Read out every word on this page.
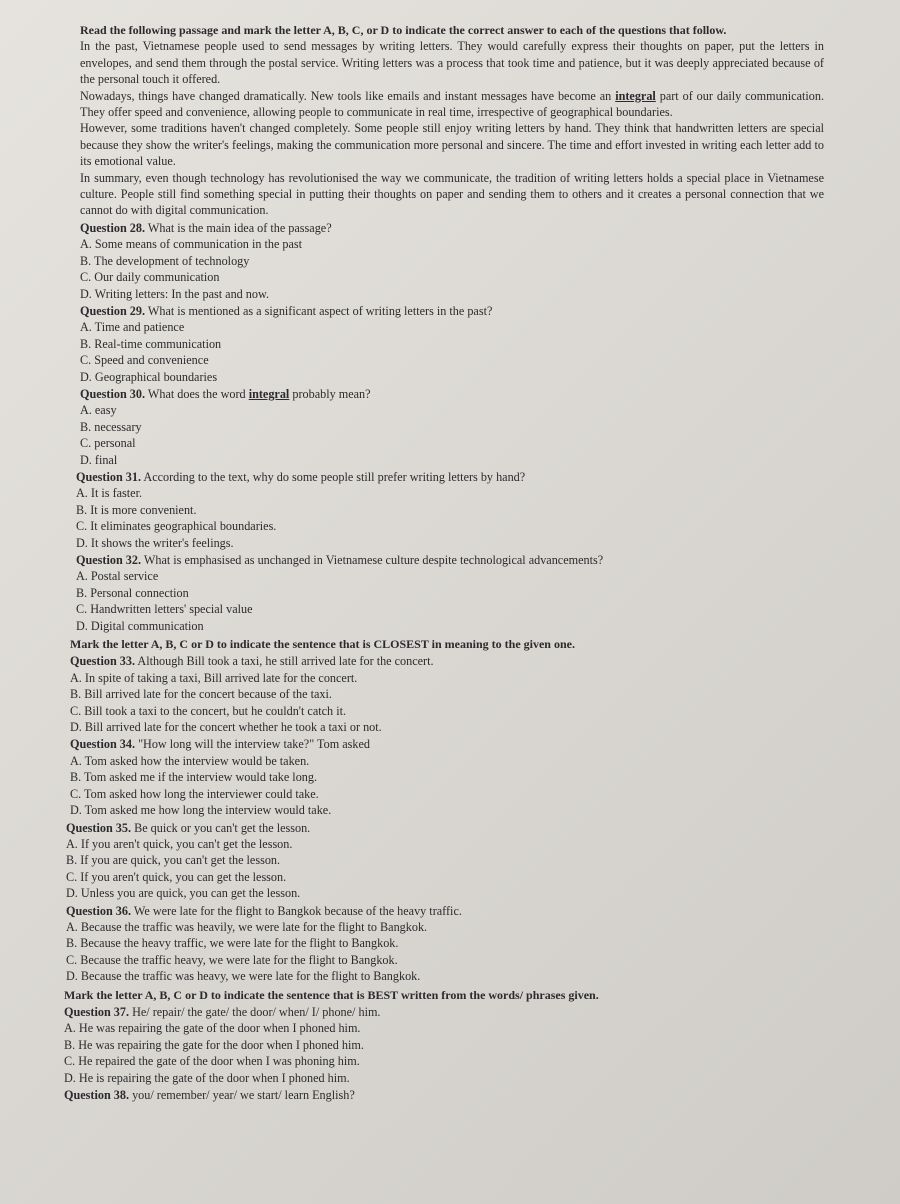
Read the following passage and mark the letter A, B, C, or D to indicate the correct answer to each of the questions that follow.

In the past, Vietnamese people used to send messages by writing letters. They would carefully express their thoughts on paper, put the letters in envelopes, and send them through the postal service. Writing letters was a process that took time and patience, but it was deeply appreciated because of the personal touch it offered.

Nowadays, things have changed dramatically. New tools like emails and instant messages have become an integral part of our daily communication. They offer speed and convenience, allowing people to communicate in real time, irrespective of geographical boundaries.

However, some traditions haven't changed completely. Some people still enjoy writing letters by hand. They think that handwritten letters are special because they show the writer's feelings, making the communication more personal and sincere. The time and effort invested in writing each letter add to its emotional value.

In summary, even though technology has revolutionised the way we communicate, the tradition of writing letters holds a special place in Vietnamese culture. People still find something special in putting their thoughts on paper and sending them to others and it creates a personal connection that we cannot do with digital communication.

Question 28. What is the main idea of the passage?

A. Some means of communication in the past

B. The development of technology

C. Our daily communication

D. Writing letters: In the past and now.

Question 29. What is mentioned as a significant aspect of writing letters in the past?

A. Time and patience

B. Real-time communication

C. Speed and convenience

D. Geographical boundaries

Question 30. What does the word integral probably mean?

A. easy

B. necessary

C. personal

D. final

Question 31. According to the text, why do some people still prefer writing letters by hand?

A. It is faster.

B. It is more convenient.

C. It eliminates geographical boundaries.

D. It shows the writer's feelings.

Question 32. What is emphasised as unchanged in Vietnamese culture despite technological advancements?

A. Postal service

B. Personal connection

C. Handwritten letters' special value

D. Digital communication

Mark the letter A, B, C or D to indicate the sentence that is CLOSEST in meaning to the given one.

Question 33. Although Bill took a taxi, he still arrived late for the concert.

A. In spite of taking a taxi, Bill arrived late for the concert.

B. Bill arrived late for the concert because of the taxi.

C. Bill took a taxi to the concert, but he couldn't catch it.

D. Bill arrived late for the concert whether he took a taxi or not.

Question 34. "How long will the interview take?" Tom asked

A. Tom asked how the interview would be taken.

B. Tom asked me if the interview would take long.

C. Tom asked how long the interviewer could take.

D. Tom asked me how long the interview would take.

Question 35. Be quick or you can't get the lesson.

A. If you aren't quick, you can't get the lesson.

B. If you are quick, you can't get the lesson.

C. If you aren't quick, you can get the lesson.

D. Unless you are quick, you can get the lesson.

Question 36. We were late for the flight to Bangkok because of the heavy traffic.

A. Because the traffic was heavily, we were late for the flight to Bangkok.

B. Because the heavy traffic, we were late for the flight to Bangkok.

C. Because the traffic heavy, we were late for the flight to Bangkok.

D. Because the traffic was heavy, we were late for the flight to Bangkok.

Mark the letter A, B, C or D to indicate the sentence that is BEST written from the words/ phrases given.

Question 37. He/ repair/ the gate/ the door/ when/ I/ phone/ him.

A. He was repairing the gate of the door when I phoned him.

B. He was repairing the gate for the door when I phoned him.

C. He repaired the gate of the door when I was phoning him.

D. He is repairing the gate of the door when I phoned him.

Question 38. you/ remember/ year/ we start/ learn English?
